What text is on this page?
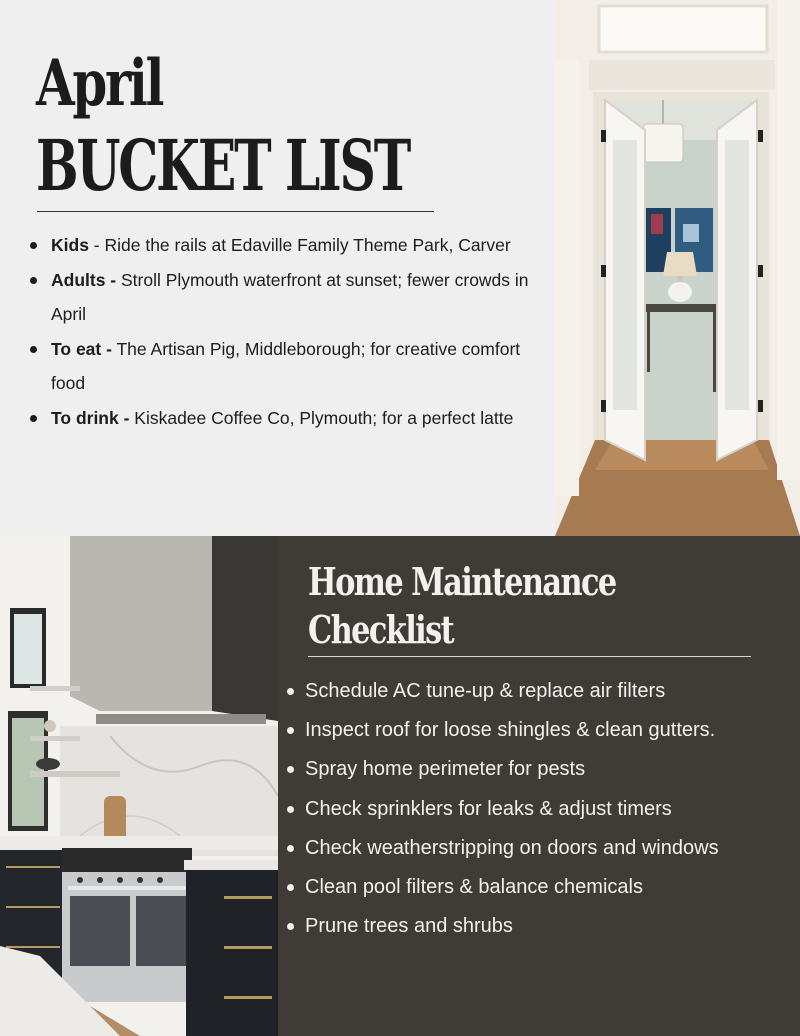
April
BUCKET LIST
Kids - Ride the rails at Edaville Family Theme Park, Carver
Adults - Stroll Plymouth waterfront at sunset; fewer crowds in April
To eat - The Artisan Pig, Middleborough; for creative comfort food
To drink - Kiskadee Coffee Co, Plymouth; for a perfect latte
Home Maintenance
Checklist
Schedule AC tune-up & replace air filters
Inspect roof for loose shingles & clean gutters.
Spray home perimeter for pests
Check sprinklers for leaks & adjust timers
Check weatherstripping on doors and windows
Clean pool filters & balance chemicals
Prune trees and shrubs
